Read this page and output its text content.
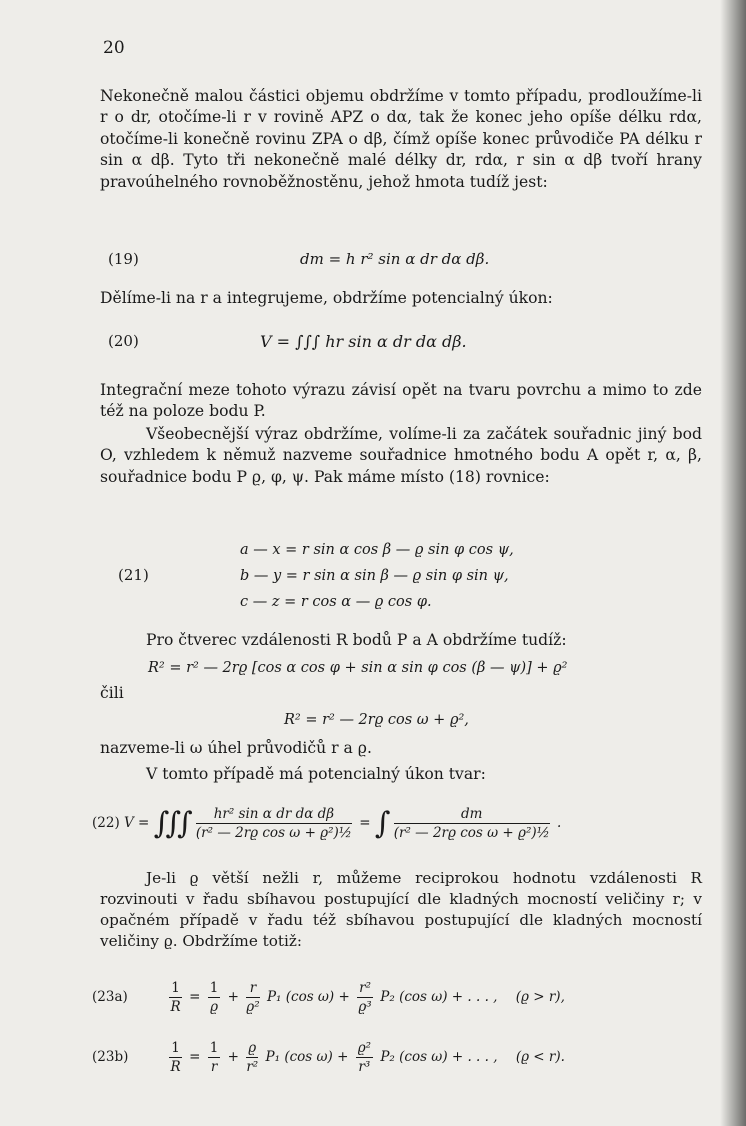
20
Nekonečně malou částici objemu obdržíme v tomto případu, prodloužíme-li r o dr, otočíme-li r v rovině APZ o dα, tak že konec jeho opíše délku rdα, otočíme-li konečně rovinu ZPA o dβ, čímž opíše konec průvodiče PA délku r sin α dβ. Tyto tři nekonečně malé délky dr, rdα, r sin α dβ tvoří hrany pravoúhelného rovnoběžnostěnu, jehož hmota tudíž jest:
(19)	dm = h r² sin α dr dα dβ.
Dělíme-li na r a integrujeme, obdržíme potencialný úkon:
(20)	V = ∫∫∫ hr sin α dr dα dβ.
Integrační meze tohoto výrazu závisí opět na tvaru povrchu a mimo to zde též na poloze bodu P.
Všeobecnější výraz obdržíme, volíme-li za začátek souřadnic jiný bod O, vzhledem k němuž nazveme souřadnice hmotného bodu A opět r, α, β, souřadnice bodu P ϱ, φ, ψ. Pak máme místo (18) rovnice:
(21)
a — x = r sin α cos β — ϱ sin φ cos ψ,
b — y = r sin α sin β — ϱ sin φ sin ψ,
c — z = r cos α — ϱ cos φ.
Pro čtverec vzdálenosti R bodů P a A obdržíme tudíž:
R² = r² — 2rϱ [cos α cos φ + sin α sin φ cos (β — ψ)] + ϱ²
čili
R² = r² — 2rϱ cos ω + ϱ²,
nazveme-li ω úhel průvodičů r a ϱ.
V tomto případě má potencialný úkon tvar:
(22) V = ∫∫∫ $\frac{\text{hr² sin α dr dα dβ}}{\text{(r² — 2rϱ cos ω + ϱ²)½}}$ = ∫ $\frac{dm}{\text{(r² — 2rϱ cos ω + ϱ²)½}}$ .
Je-li ϱ větší nežli r, můžeme reciprokou hodnotu vzdálenosti R rozvinouti v řadu sbíhavou postupující dle kladných mocností veličiny r; v opačném případě v řadu též sbíhavou postupující dle kladných mocností veličiny ϱ. Obdržíme totiž:
(23a)	$\frac{1}{R} = \frac{1}{ϱ} + \frac{r}{\text{ϱ²}} P_1$ (cos $\omega) + \frac{\text{r²}}{\text{ϱ³}} P_2$ (cos ω) + . . . , (ϱ > r),
(23b)	$\frac{1}{R} = \frac{1}{r} + \frac{ϱ}{\text{r²}} P_1$ (cos $\omega) + \frac{\text{ϱ²}}{\text{r³}} P_2$ (cos ω) + . . . , (ϱ < r).
